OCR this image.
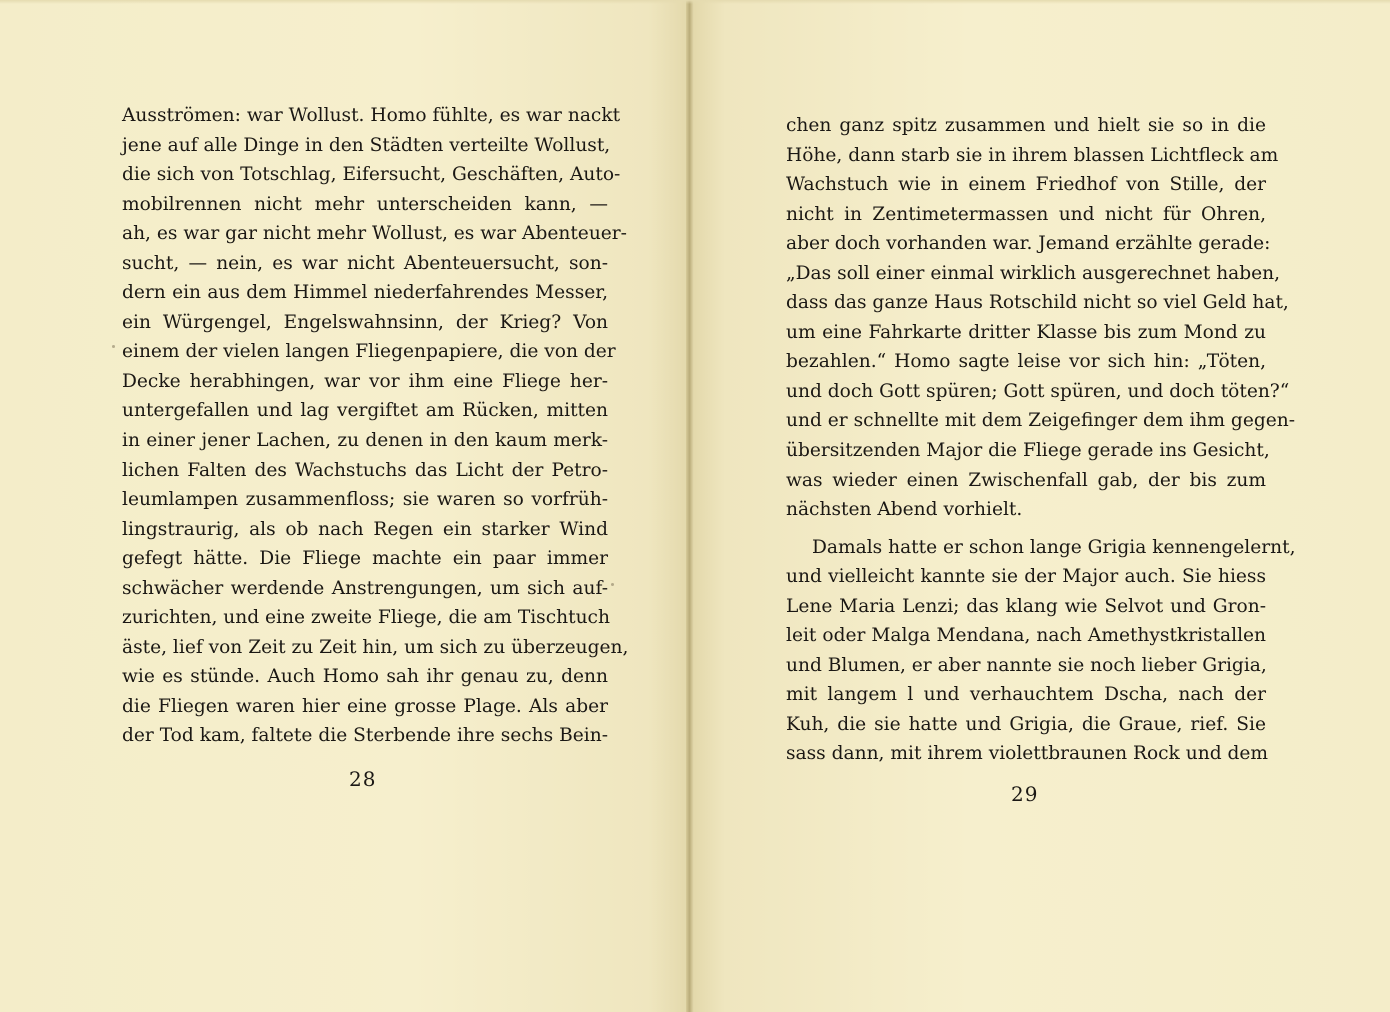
Ausströmen: war Wollust. Homo fühlte, es war nackt
jene auf alle Dinge in den Städten verteilte Wollust,
die sich von Totschlag, Eifersucht, Geschäften, Auto-
mobilrennen nicht mehr unterscheiden kann, —
ah, es war gar nicht mehr Wollust, es war Abenteuer-
sucht, — nein, es war nicht Abenteuersucht, son-
dern ein aus dem Himmel niederfahrendes Messer,
ein Würgengel, Engelswahnsinn, der Krieg? Von
einem der vielen langen Fliegenpapiere, die von der
Decke herabhingen, war vor ihm eine Fliege her-
untergefallen und lag vergiftet am Rücken, mitten
in einer jener Lachen, zu denen in den kaum merk-
lichen Falten des Wachstuchs das Licht der Petro-
leumlampen zusammenfloss; sie waren so vorfrüh-
lingstraurig, als ob nach Regen ein starker Wind
gefegt hätte. Die Fliege machte ein paar immer
schwächer werdende Anstrengungen, um sich auf-
zurichten, und eine zweite Fliege, die am Tischtuch
äste, lief von Zeit zu Zeit hin, um sich zu überzeugen,
wie es stünde. Auch Homo sah ihr genau zu, denn
die Fliegen waren hier eine grosse Plage. Als aber
der Tod kam, faltete die Sterbende ihre sechs Bein-
28
chen ganz spitz zusammen und hielt sie so in die
Höhe, dann starb sie in ihrem blassen Lichtfleck am
Wachstuch wie in einem Friedhof von Stille, der
nicht in Zentimetermassen und nicht für Ohren,
aber doch vorhanden war. Jemand erzählte gerade:
„Das soll einer einmal wirklich ausgerechnet haben,
dass das ganze Haus Rotschild nicht so viel Geld hat,
um eine Fahrkarte dritter Klasse bis zum Mond zu
bezahlen.“ Homo sagte leise vor sich hin: „Töten,
und doch Gott spüren; Gott spüren, und doch töten?“
und er schnellte mit dem Zeigefinger dem ihm gegen-
übersitzenden Major die Fliege gerade ins Gesicht,
was wieder einen Zwischenfall gab, der bis zum
nächsten Abend vorhielt.
Damals hatte er schon lange Grigia kennengelernt,
und vielleicht kannte sie der Major auch. Sie hiess
Lene Maria Lenzi; das klang wie Selvot und Gron-
leit oder Malga Mendana, nach Amethystkristallen
und Blumen, er aber nannte sie noch lieber Grigia,
mit langem l und verhauchtem Dscha, nach der
Kuh, die sie hatte und Grigia, die Graue, rief. Sie
sass dann, mit ihrem violettbraunen Rock und dem
29
